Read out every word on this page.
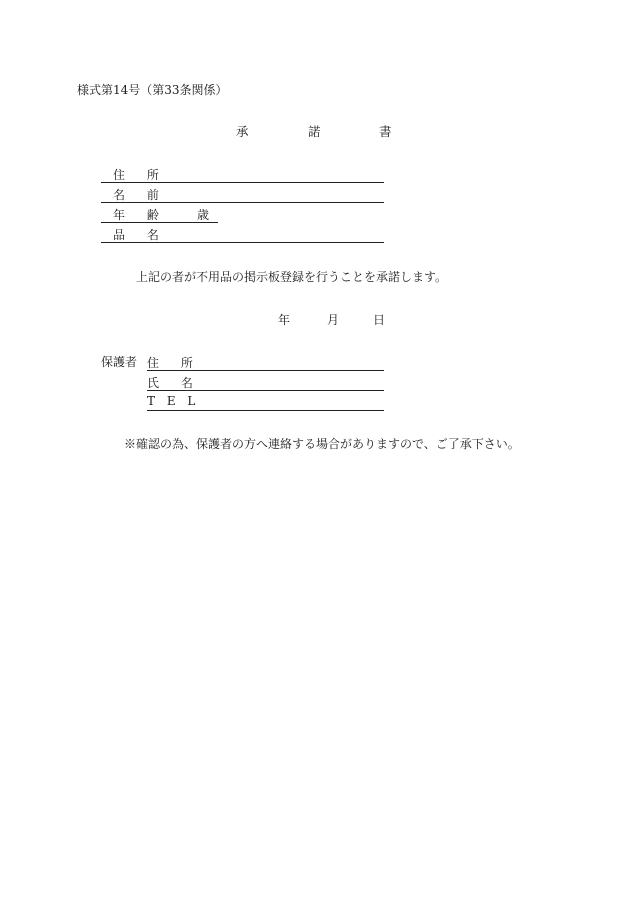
様式第14号（第33条関係）
承	諾	書
住 所
名 前
年 齢 歳
品 名
上記の者が不用品の掲示板登録を行うことを承諾します。
年	月	日
保護者 住 所
氏 名
T E L
※確認の為、保護者の方へ連絡する場合がありますので、ご了承下さい。
